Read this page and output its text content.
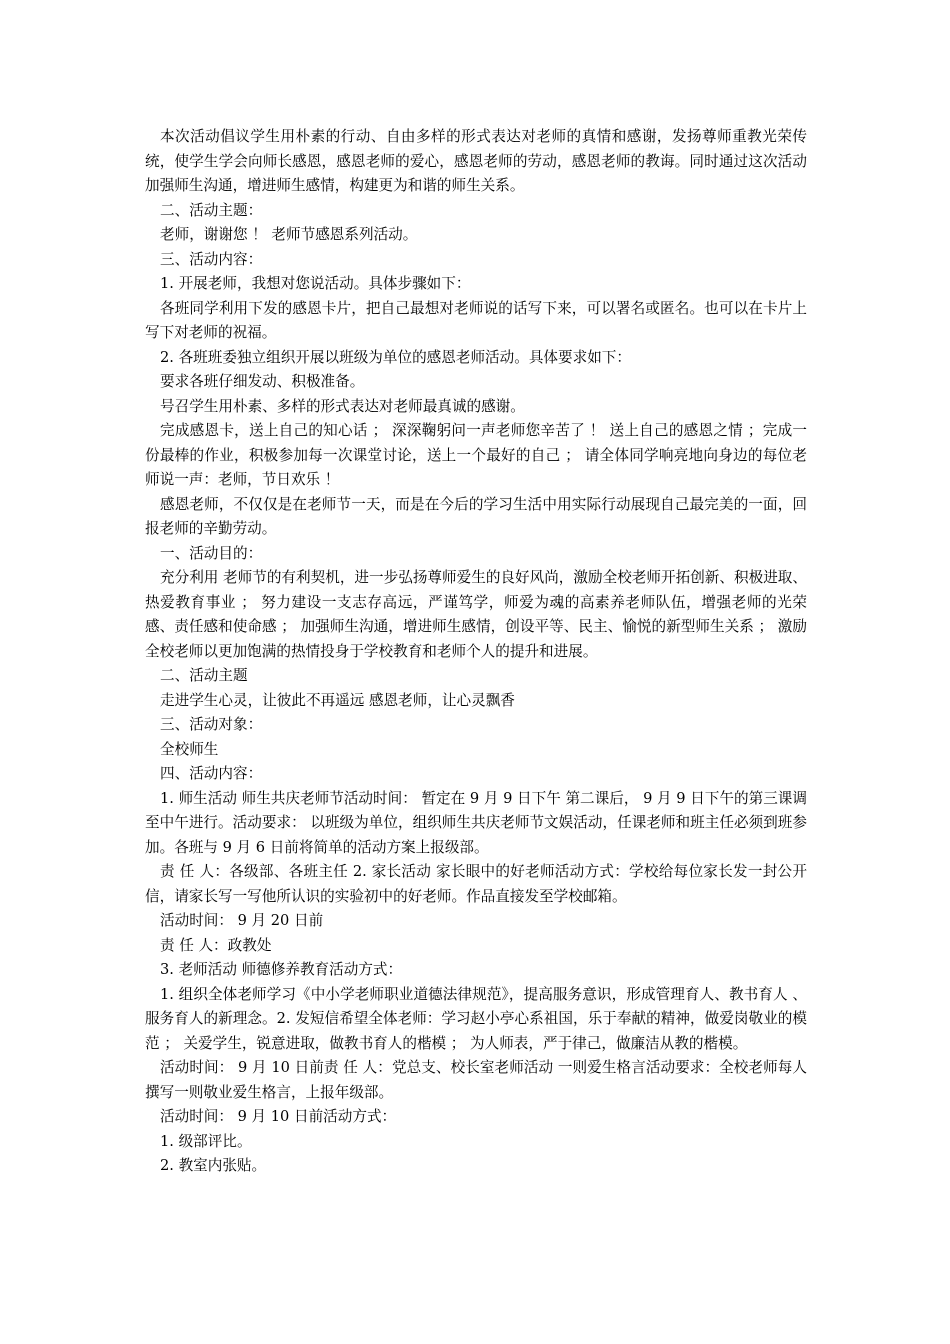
本次活动倡议学生用朴素的行动、自由多样的形式表达对老师的真情和感谢，发扬尊师重教光荣传统，使学生学会向师长感恩，感恩老师的爱心，感恩老师的劳动，感恩老师的教诲。同时通过这次活动加强师生沟通，增进师生感情，构建更为和谐的师生关系。

二、活动主题：

老师，谢谢您 ！ 老师节感恩系列活动。

三、活动内容：

1. 开展老师，我想对您说活动。具体步骤如下：

各班同学利用下发的感恩卡片，把自己最想对老师说的话写下来，可以署名或匿名。也可以在卡片上写下对老师的祝福。

2. 各班班委独立组织开展以班级为单位的感恩老师活动。具体要求如下：

要求各班仔细发动、积极准备。

号召学生用朴素、多样的形式表达对老师最真诚的感谢。

完成感恩卡，送上自己的知心话 ； 深深鞠躬问一声老师您辛苦了 ！ 送上自己的感恩之情 ；完成一份最棒的作业，积极参加每一次课堂讨论，送上一个最好的自己 ； 请全体同学响亮地向身边的每位老师说一声：老师，节日欢乐 ！

感恩老师，不仅仅是在老师节一天，而是在今后的学习生活中用实际行动展现自己最完美的一面，回报老师的辛勤劳动。

一、活动目的：

充分利用 老师节的有利契机，进一步弘扬尊师爱生的良好风尚，激励全校老师开拓创新、积极进取、热爱教育事业 ； 努力建设一支志存高远，严谨笃学，师爱为魂的高素养老师队伍，增强老师的光荣感、责任感和使命感 ； 加强师生沟通，增进师生感情，创设平等、民主、愉悦的新型师生关系 ； 激励全校老师以更加饱满的热情投身于学校教育和老师个人的提升和进展。

二、活动主题

走进学生心灵，让彼此不再遥远 感恩老师，让心灵飘香

三、活动对象：

全校师生

四、活动内容：

1. 师生活动 师生共庆老师节活动时间： 暂定在 9 月 9 日下午 第二课后， 9 月 9 日下午的第三课调至中午进行。活动要求： 以班级为单位，组织师生共庆老师节文娱活动，任课老师和班主任必须到班参加。各班与 9 月 6 日前将简单的活动方案上报级部。

责 任 人：各级部、各班主任 2. 家长活动 家长眼中的好老师活动方式：学校给每位家长发一封公开信，请家长写一写他所认识的实验初中的好老师。作品直接发至学校邮箱。

活动时间： 9 月 20 日前

责 任 人：政教处

3. 老师活动 师德修养教育活动方式：

1. 组织全体老师学习《中小学老师职业道德法律规范》，提高服务意识，形成管理育人、教书育人 、服务育人的新理念。2. 发短信希望全体老师：学习赵小亭心系祖国，乐于奉献的精神，做爱岗敬业的模范 ； 关爱学生，锐意进取，做教书育人的楷模 ； 为人师表，严于律己，做廉洁从教的楷模。

活动时间： 9 月 10 日前责 任 人：党总支、校长室老师活动 一则爱生格言活动要求：全校老师每人撰写一则敬业爱生格言，上报年级部。

活动时间： 9 月 10 日前活动方式：

1. 级部评比。

2. 教室内张贴。
